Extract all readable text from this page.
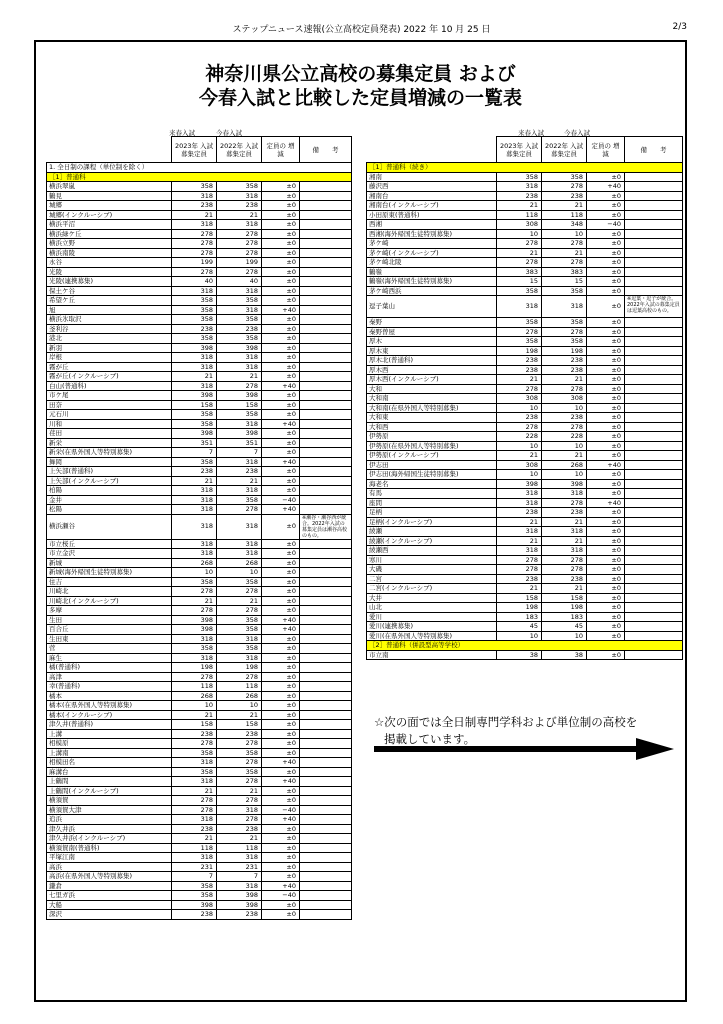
ステップニュース速報(公立高校定員発表) 2022 年 10 月 25 日	2/3
神奈川県公立高校の募集定員 および
今春入試と比較した定員増減の一覧表
来春入試	今春入試	来春入試	今春入試
	2023年 入試 募集定員	2022年 入試 募集定員	定員の 増減	備　　考
1. 全日制の課程（単位制を除く）				
［1］普通科				
横浜翠嵐	358	358	±0	
鶴見	318	318	±0	
城郷	238	238	±0	
城郷(インクルーシブ)	21	21	±0	
横浜平沼	318	318	±0	
横浜緑ケ丘	278	278	±0	
横浜立野	278	278	±0	
横浜南陵	278	278	±0	
永谷	199	199	±0	
光陵	278	278	±0	
光陵(連携募集)	40	40	±0	
保土ケ谷	318	318	±0	
希望ケ丘	358	358	±0	
旭	358	318	+40	
横浜氷取沢	358	358	±0	
釜利谷	238	238	±0	
港北	358	358	±0	
新羽	398	398	±0	
岸根	318	318	±0	
霧が丘	318	318	±0	
霧が丘(インクルーシブ)	21	21	±0	
白山(普通科)	318	278	+40	
市ケ尾	398	398	±0	
田奈	158	158	±0	
元石川	358	358	±0	
川和	358	318	+40	
荏田	398	398	±0	
新栄	351	351	±0	
新栄(在県外国人等特別募集)	7	7	±0	
舞岡	358	318	+40	
上矢部(普通科)	238	238	±0	
上矢部(インクルーシブ)	21	21	±0	
柏陽	318	318	±0	
金井	318	358	−40	
松陽	318	278	+40	
横浜瀬谷	318	318	±0	※瀬谷・瀬谷西が統合。2022年入試の募集定員は瀬谷高校のもの。
市立桜丘	318	318	±0	
市立金沢	318	318	±0	
新城	268	268	±0	
新城(海外帰国生徒特別募集)	10	10	±0	
住吉	358	358	±0	
川崎北	278	278	±0	
川崎北(インクルーシブ)	21	21	±0	
多摩	278	278	±0	
生田	398	358	+40	
百合丘	398	358	+40	
生田東	318	318	±0	
菅	358	358	±0	
麻生	318	318	±0	
橘(普通科)	198	198	±0	
高津	278	278	±0	
幸(普通科)	118	118	±0	
橘本	268	268	±0	
橘本(在県外国人等特別募集)	10	10	±0	
橘本(インクルーシブ)	21	21	±0	
津久井(普通科)	158	158	±0	
上溝	238	238	±0	
相模原	278	278	±0	
上溝南	358	358	±0	
相模田名	318	278	+40	
麻溝台	358	358	±0	
上鶴間	318	278	+40	
上鶴間(インクルーシブ)	21	21	±0	
横須賀	278	278	±0	
横須賀大津	278	318	−40	
追浜	318	278	+40	
津久井浜	238	238	±0	
津久井浜(インクルーシブ)	21	21	±0	
横須賀南(普通科)	118	118	±0	
平塚江南	318	318	±0	
高浜	231	231	±0	
高浜(在県外国人等特別募集)	7	7	±0	
鎌倉	358	318	+40	
七里ガ浜	358	398	−40	
大船	398	398	±0	
深沢	238	238	±0	
	2023年 入試 募集定員	2022年 入試 募集定員	定員の 増減	備　　考
［1］普通科（続き）				
湘南	358	358	±0	
藤沢西	318	278	+40	
湘南台	238	238	±0	
湘南台(インクルーシブ)	21	21	±0	
小田原東(普通科)	118	118	±0	
西湘	308	348	−40	
西湘(海外帰国生徒特別募集)	10	10	±0	
茅ケ崎	278	278	±0	
茅ケ崎(インクルーシブ)	21	21	±0	
茅ケ崎北陵	278	278	±0	
鶴嶺	383	383	±0	
鶴嶺(海外帰国生徒特別募集)	15	15	±0	
茅ケ崎西浜	358	358	±0	
逗子葉山	318	318	±0	※逗葉・逗子が統合。2022年入試の募集定員は逗葉高校のもの。
秦野	358	358	±0	
秦野曽屋	278	278	±0	
厚木	358	358	±0	
厚木東	198	198	±0	
厚木北(普通科)	238	238	±0	
厚木西	238	238	±0	
厚木西(インクルーシブ)	21	21	±0	
大和	278	278	±0	
大和南	308	308	±0	
大和南(在県外国人等特別募集)	10	10	±0	
大和東	238	238	±0	
大和西	278	278	±0	
伊勢原	228	228	±0	
伊勢原(在県外国人等特別募集)	10	10	±0	
伊勢原(インクルーシブ)	21	21	±0	
伊志田	308	268	+40	
伊志田(海外帰国生徒特別募集)	10	10	±0	
海老名	398	398	±0	
有馬	318	318	±0	
座間	318	278	+40	
足柄	238	238	±0	
足柄(インクルーシブ)	21	21	±0	
綾瀬	318	318	±0	
綾瀬(インクルーシブ)	21	21	±0	
綾瀬西	318	318	±0	
寒川	278	278	±0	
大磯	278	278	±0	
二宮	238	238	±0	
二宮(インクルーシブ)	21	21	±0	
大井	158	158	±0	
山北	198	198	±0	
愛川	183	183	±0	
愛川(連携募集)	45	45	±0	
愛川(在県外国人等特別募集)	10	10	±0	
［2］普通科（併設型高等学校）				
市立南	38	38	±0	
☆次の面では全日制専門学科および単位制の高校を
掲載しています。
